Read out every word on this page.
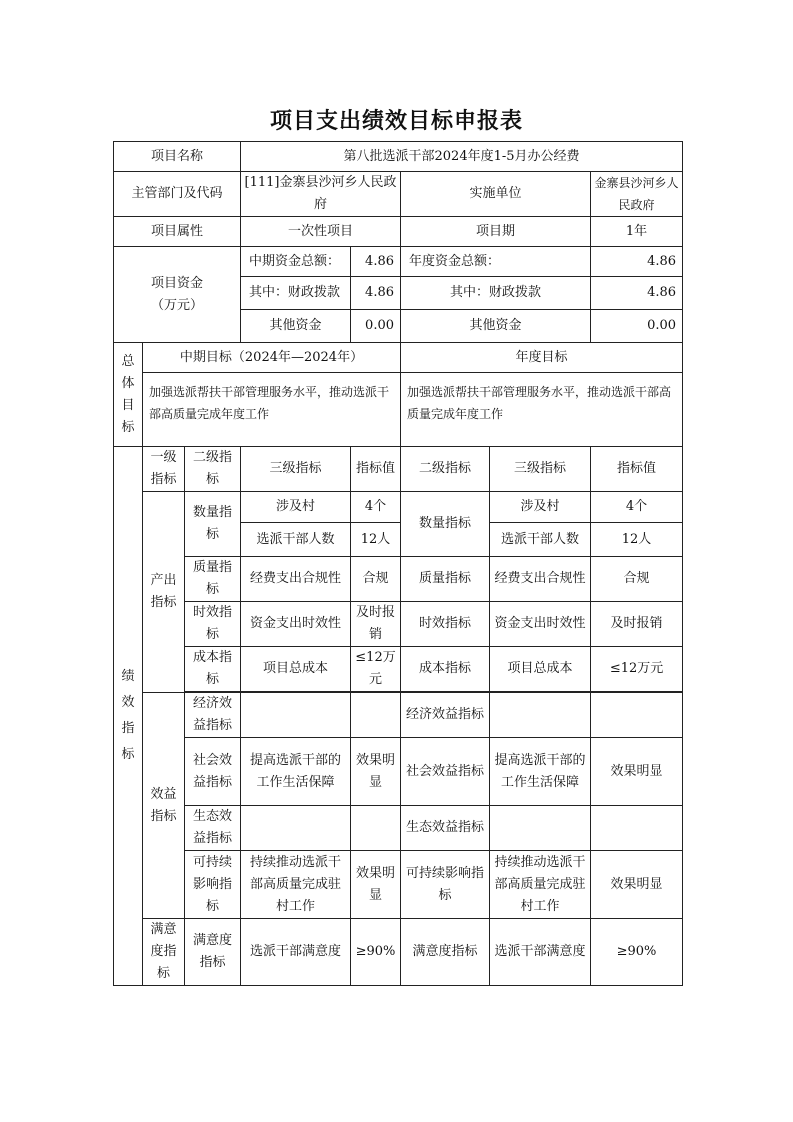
项目支出绩效目标申报表
项目名称			第八批选派干部2024年度1-5月办公经费				
主管部门及代码			[111]金寨县沙河乡人民政府		实施单位		金寨县沙河乡人民政府
项目属性			一次性项目		项目期		1年
项目资金（万元）			中期资金总额：	4.86	年度资金总额：		4.86
			其中：财政拨款	4.86	其中：财政拨款		4.86
			其他资金	0.00	其他资金		0.00
总体目标	中期目标（2024年—2024年）				年度目标		
	加强选派帮扶干部管理服务水平，推动选派干部高质量完成年度工作				加强选派帮扶干部管理服务水平，推动选派干部高质量完成年度工作		
绩效指标	一级指标	二级指标	三级指标	指标值	二级指标	三级指标	指标值
	产出指标	数量指标	涉及村	4个	数量指标	涉及村	4个
			选派干部人数	12人		选派干部人数	12人
		质量指标	经费支出合规性	合规	质量指标	经费支出合规性	合规
		时效指标	资金支出时效性	及时报销	时效指标	资金支出时效性	及时报销
		成本指标	项目总成本	≤12万元	成本指标	项目总成本	≤12万元

	效益指标	经济效益指标			经济效益指标		
		社会效益指标	提高选派干部的工作生活保障	效果明显	社会效益指标	提高选派干部的工作生活保障	效果明显
		生态效益指标			生态效益指标		
		可持续影响指标	持续推动选派干部高质量完成驻村工作	效果明显	可持续影响指标	持续推动选派干部高质量完成驻村工作	效果明显
	满意度指标	满意度指标	选派干部满意度	≥90%	满意度指标	选派干部满意度	≥90%
